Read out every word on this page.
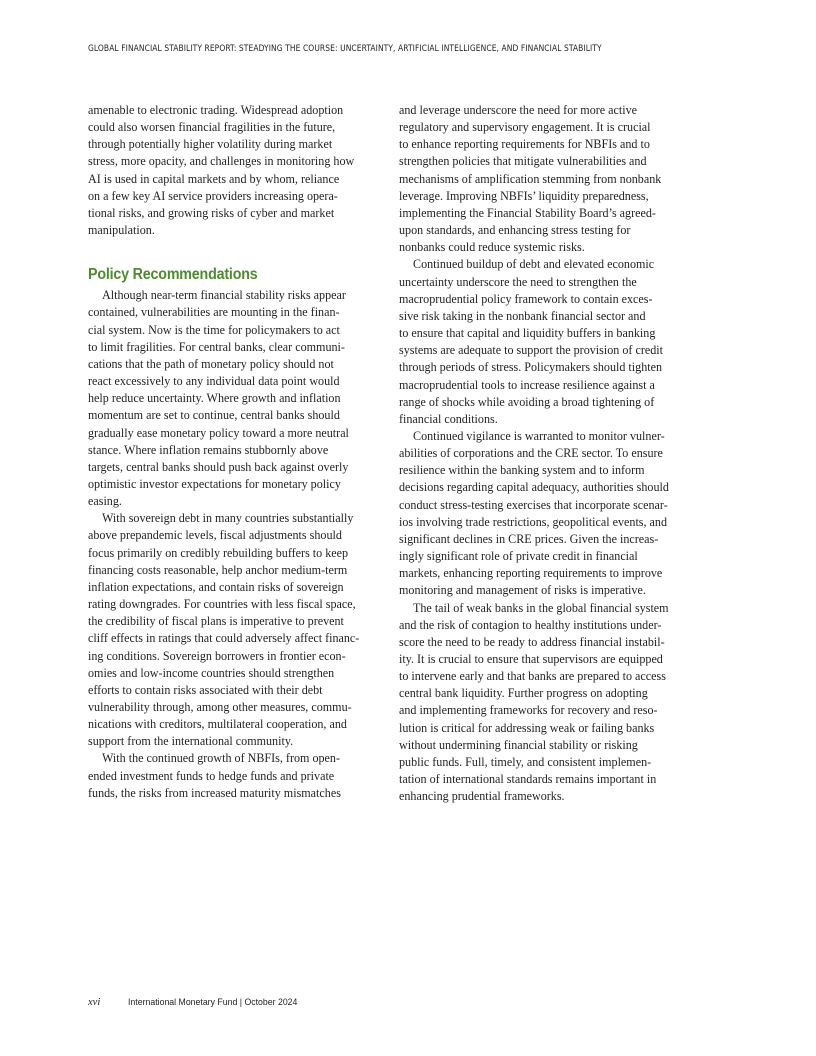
GLOBAL FINANCIAL STABILITY REPORT: STEADYING THE COURSE: UNCERTAINTY, ARTIFICIAL INTELLIGENCE, AND FINANCIAL STABILITY
amenable to electronic trading. Widespread adoption
could also worsen financial fragilities in the future,
through potentially higher volatility during market
stress, more opacity, and challenges in monitoring how
AI is used in capital markets and by whom, reliance
on a few key AI service providers increasing opera-
tional risks, and growing risks of cyber and market
manipulation.
Policy Recommendations
Although near-term financial stability risks appear
contained, vulnerabilities are mounting in the finan-
cial system. Now is the time for policymakers to act
to limit fragilities. For central banks, clear communi-
cations that the path of monetary policy should not
react excessively to any individual data point would
help reduce uncertainty. Where growth and inflation
momentum are set to continue, central banks should
gradually ease monetary policy toward a more neutral
stance. Where inflation remains stubbornly above
targets, central banks should push back against overly
optimistic investor expectations for monetary policy
easing.
With sovereign debt in many countries substantially
above prepandemic levels, fiscal adjustments should
focus primarily on credibly rebuilding buffers to keep
financing costs reasonable, help anchor medium-term
inflation expectations, and contain risks of sovereign
rating downgrades. For countries with less fiscal space,
the credibility of fiscal plans is imperative to prevent
cliff effects in ratings that could adversely affect financ-
ing conditions. Sovereign borrowers in frontier econ-
omies and low-income countries should strengthen
efforts to contain risks associated with their debt
vulnerability through, among other measures, commu-
nications with creditors, multilateral cooperation, and
support from the international community.
With the continued growth of NBFIs, from open-
ended investment funds to hedge funds and private
funds, the risks from increased maturity mismatches
and leverage underscore the need for more active
regulatory and supervisory engagement. It is crucial
to enhance reporting requirements for NBFIs and to
strengthen policies that mitigate vulnerabilities and
mechanisms of amplification stemming from nonbank
leverage. Improving NBFIs’ liquidity preparedness,
implementing the Financial Stability Board’s agreed-
upon standards, and enhancing stress testing for
nonbanks could reduce systemic risks.
Continued buildup of debt and elevated economic
uncertainty underscore the need to strengthen the
macroprudential policy framework to contain exces-
sive risk taking in the nonbank financial sector and
to ensure that capital and liquidity buffers in banking
systems are adequate to support the provision of credit
through periods of stress. Policymakers should tighten
macroprudential tools to increase resilience against a
range of shocks while avoiding a broad tightening of
financial conditions.
Continued vigilance is warranted to monitor vulner-
abilities of corporations and the CRE sector. To ensure
resilience within the banking system and to inform
decisions regarding capital adequacy, authorities should
conduct stress-testing exercises that incorporate scenar-
ios involving trade restrictions, geopolitical events, and
significant declines in CRE prices. Given the increas-
ingly significant role of private credit in financial
markets, enhancing reporting requirements to improve
monitoring and management of risks is imperative.
The tail of weak banks in the global financial system
and the risk of contagion to healthy institutions under-
score the need to be ready to address financial instabil-
ity. It is crucial to ensure that supervisors are equipped
to intervene early and that banks are prepared to access
central bank liquidity. Further progress on adopting
and implementing frameworks for recovery and reso-
lution is critical for addressing weak or failing banks
without undermining financial stability or risking
public funds. Full, timely, and consistent implemen-
tation of international standards remains important in
enhancing prudential frameworks.
xvi	International Monetary Fund | October 2024
